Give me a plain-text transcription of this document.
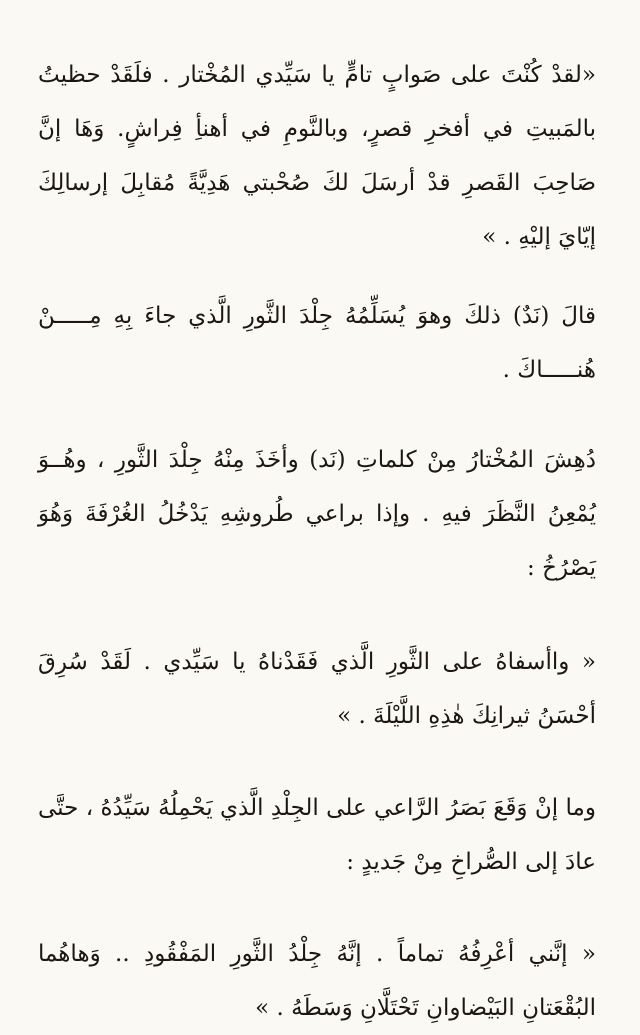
«لقدْ كُنْتَ على صَوابٍ تامٍّ يا سَيِّدي المُخْتار . فلَقَدْ حظيتُ بالمَبيتِ في أفخرِ قصرٍ، وبالنَّومِ في أهنأِ فِراشٍ. وَهَا إنَّ صَاحِبَ القَصرِ قدْ أرسَلَ لكَ صُحْبتي هَدِيَّةً مُقابِلَ إرسالِكَ إيّايَ إليْهِ . »

قالَ (نَدٌ) ذلكَ وهوَ يُسَلِّمُهُ جِلْدَ الثَّورِ الَّذي جاءَ بِهِ مِـــــنْ هُنـــــاكَ .

دُهِشَ المُخْتارُ مِنْ كلماتِ (نَد) وأخَذَ مِنْهُ جِلْدَ الثَّورِ ، وهُــوَ يُمْعِنُ النَّظَرَ فيهِ . وإذا براعي طُروشِهِ يَدْخُلُ الغُرْفَةَ وَهُوَ يَصْرُخُ :

« واأسفاهُ على الثَّورِ الَّذي فَقَدْناهُ يا سَيِّدي . لَقَدْ سُرِقَ أحْسَنُ ثيرانِكَ هٰذِهِ اللَّيْلَةَ . »

وما إنْ وَقَعَ بَصَرُ الرَّاعي على الجِلْدِ الَّذي يَحْمِلُهُ سَيِّدُهُ ، حتَّى عادَ إلى الصُّراخِ مِنْ جَديدٍ :

« إنَّني أعْرِفُهُ تماماً . إنَّهُ جِلْدُ الثَّورِ المَفْقُودِ .. وَهاهُما البُقْعَتانِ البَيْضاوانِ تَحْتَلَّانِ وَسَطَهُ . »
